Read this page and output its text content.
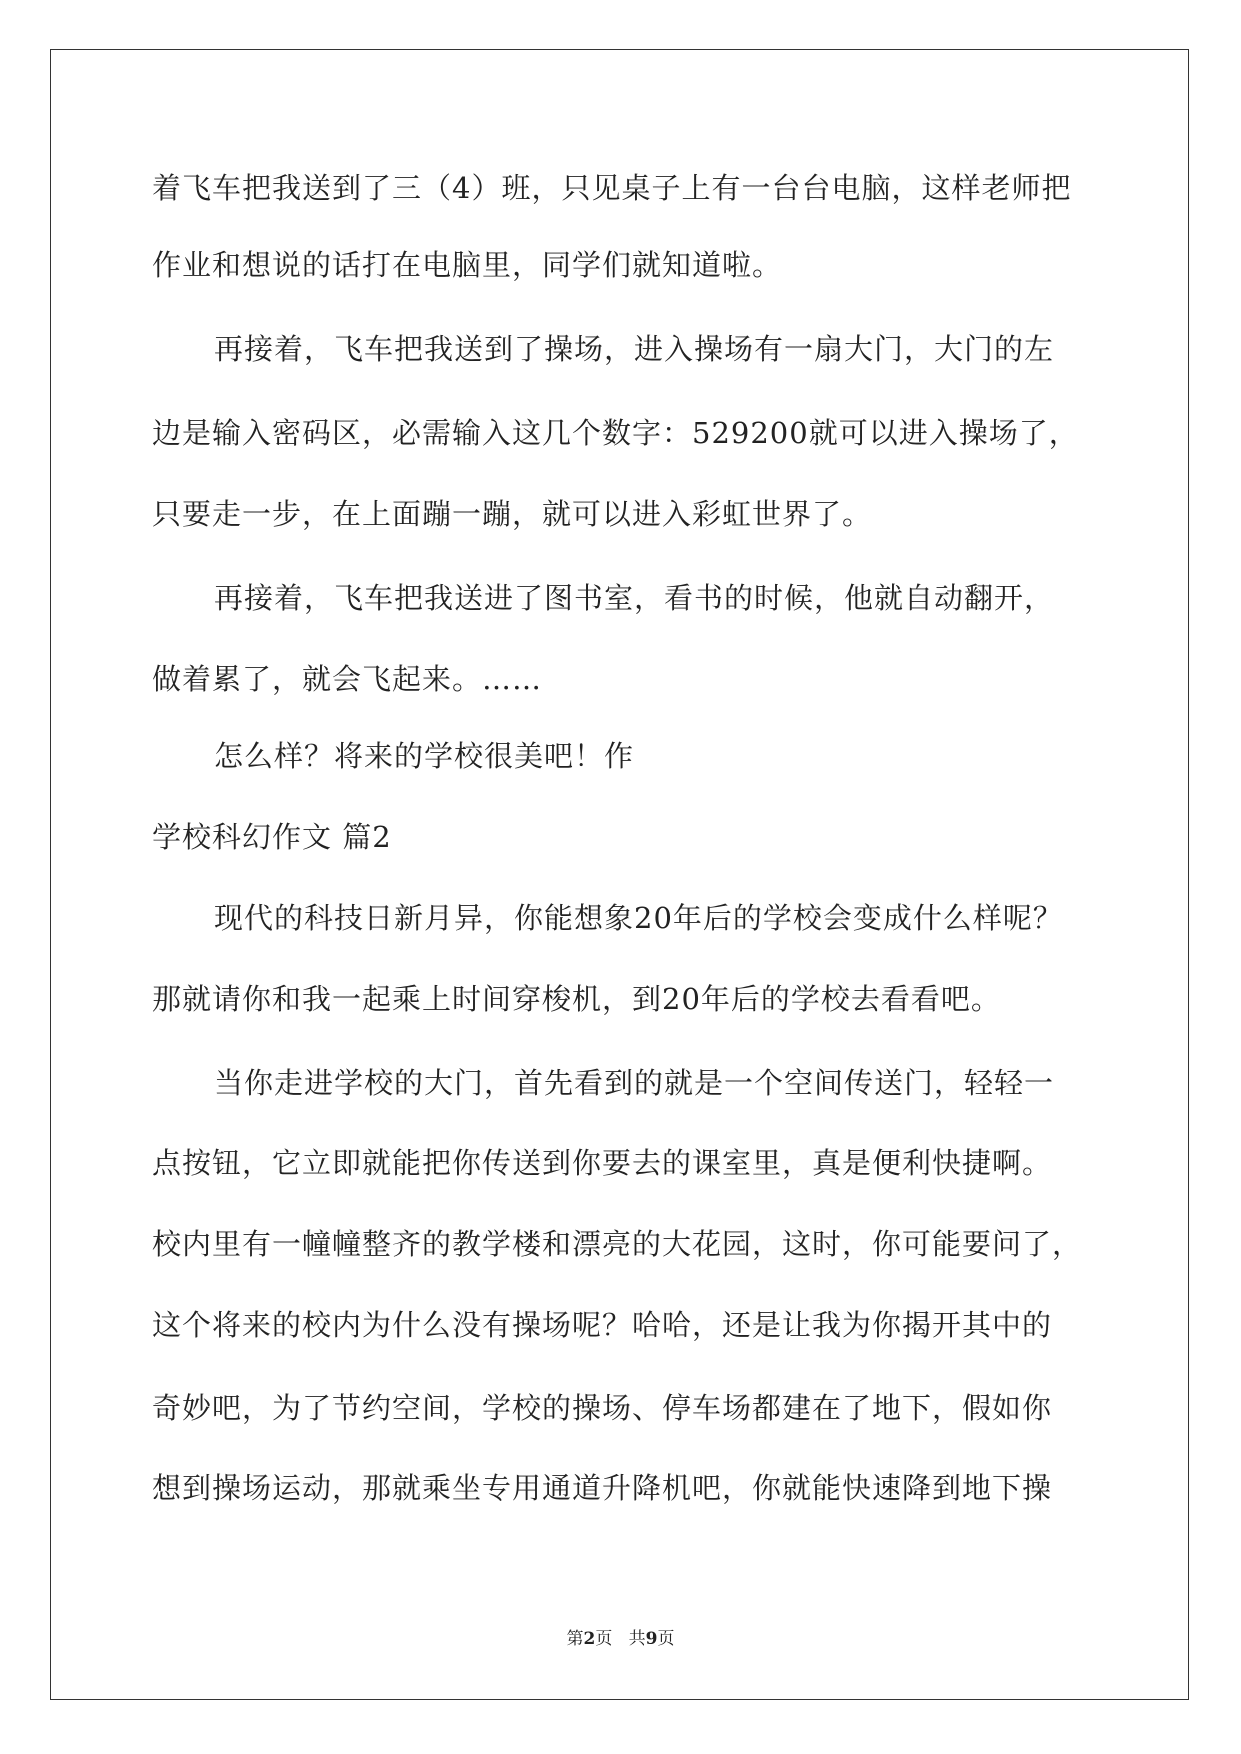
着飞车把我送到了三（4）班，只见桌子上有一台台电脑，这样老师把
作业和想说的话打在电脑里，同学们就知道啦。
再接着，飞车把我送到了操场，进入操场有一扇大门，大门的左
边是输入密码区，必需输入这几个数字：529200就可以进入操场了，
只要走一步，在上面蹦一蹦，就可以进入彩虹世界了。
再接着，飞车把我送进了图书室，看书的时候，他就自动翻开，
做着累了，就会飞起来。……
怎么样？将来的学校很美吧！作
学校科幻作文 篇2
现代的科技日新月异，你能想象20年后的学校会变成什么样呢？
那就请你和我一起乘上时间穿梭机，到20年后的学校去看看吧。
当你走进学校的大门，首先看到的就是一个空间传送门，轻轻一
点按钮，它立即就能把你传送到你要去的课室里，真是便利快捷啊。
校内里有一幢幢整齐的教学楼和漂亮的大花园，这时，你可能要问了，
这个将来的校内为什么没有操场呢？哈哈，还是让我为你揭开其中的
奇妙吧，为了节约空间，学校的操场、停车场都建在了地下，假如你
想到操场运动，那就乘坐专用通道升降机吧，你就能快速降到地下操
第2页 共9页
